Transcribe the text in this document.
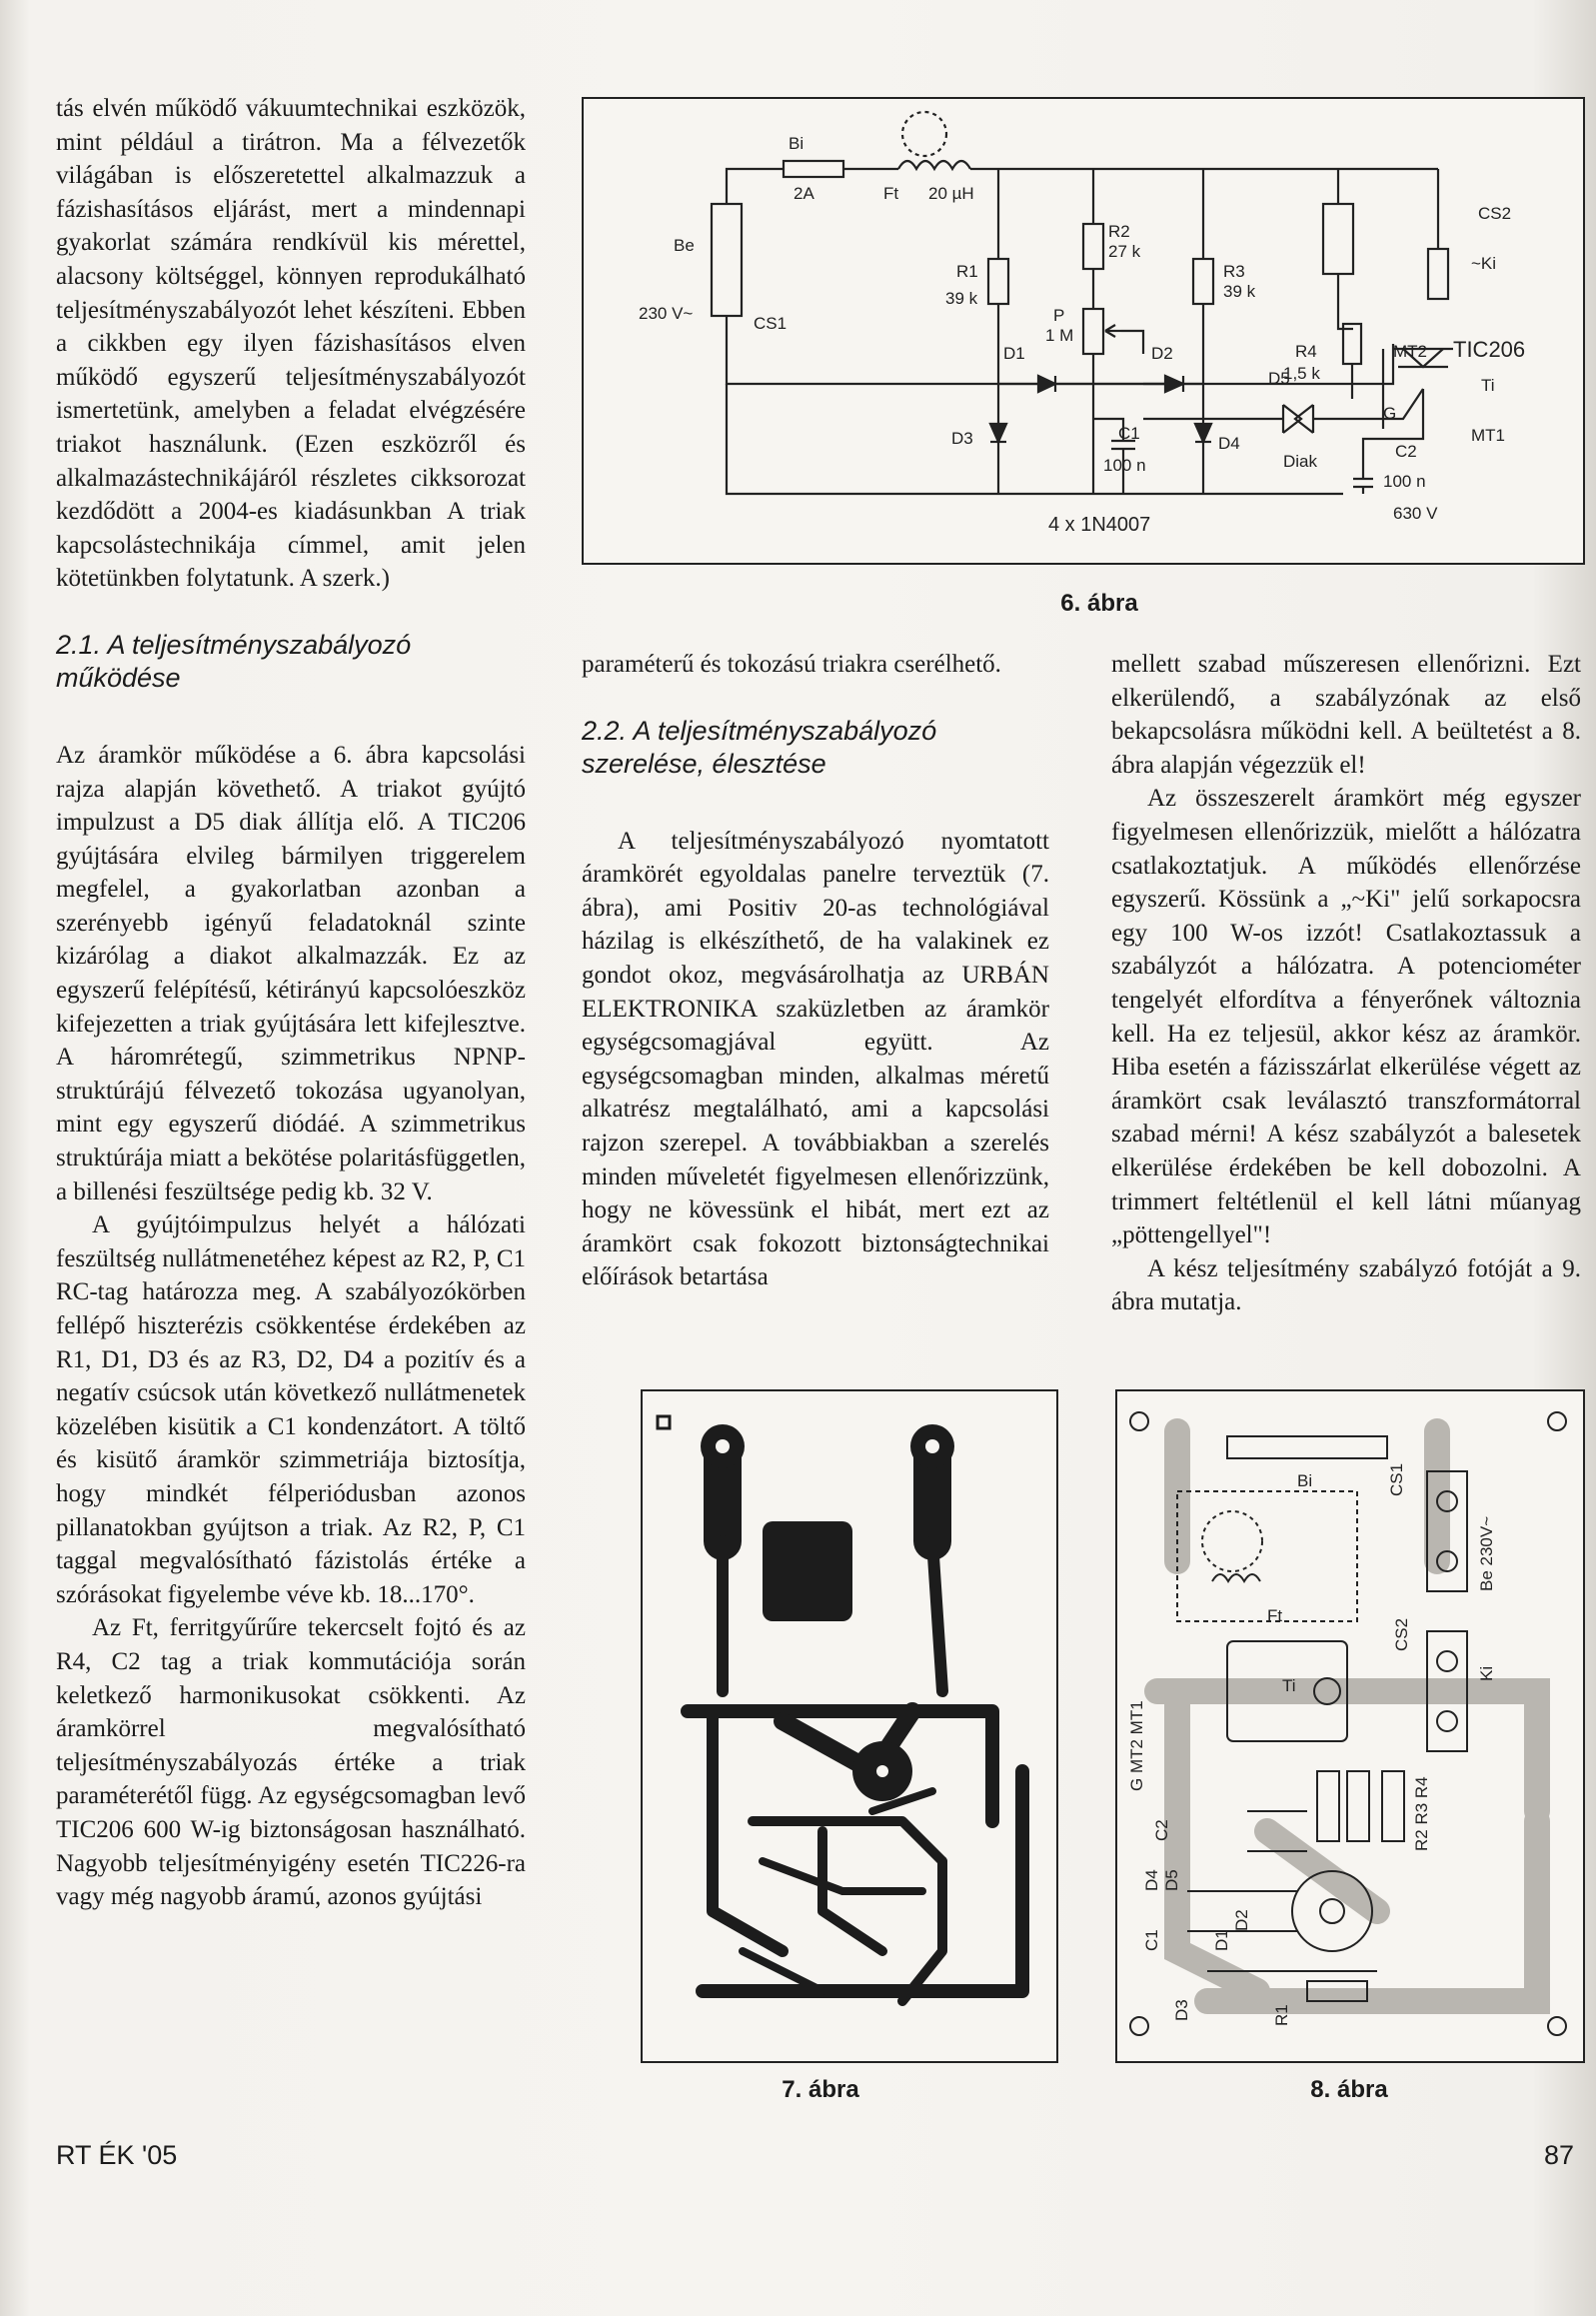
tás elvén működő vákuumtechnikai eszközök, mint például a tirátron. Ma a félvezetők világában is előszeretettel alkalmazzuk a fázishasításos eljárást, mert a mindennapi gyakorlat számára rendkívül kis mérettel, alacsony költséggel, könnyen reprodukálható teljesítményszabályozót lehet készíteni. Ebben a cikkben egy ilyen fázishasításos elven működő egyszerű teljesítményszabályozót ismertetünk, amelyben a feladat elvégzésére triakot használunk. (Ezen eszközről és alkalmazástechnikájáról részletes cikksorozat kezdődött a 2004-es kiadásunkban A triak kapcsolástechnikája címmel, amit jelen kötetünkben folytatunk. A szerk.)

2.1. A teljesítményszabályozó működése

Az áramkör működése a 6. ábra kapcsolási rajza alapján követhető. A triakot gyújtó impulzust a D5 diak állítja elő. A TIC206 gyújtására elvileg bármilyen triggerelem megfelel, a gyakorlatban azonban a szerényebb igényű feladatoknál szinte kizárólag a diakot alkalmazzák. Ez az egyszerű felépítésű, kétirányú kapcsolóeszköz kifejezetten a triak gyújtására lett kifejlesztve. A háromrétegű, szimmetrikus NPNP-struktúrájú félvezető tokozása ugyanolyan, mint egy egyszerű diódáé. A szimmetrikus struktúrája miatt a bekötése polaritásfüggetlen, a billenési feszültsége pedig kb. 32 V.

A gyújtóimpulzus helyét a hálózati feszültség nullátmenetéhez képest az R2, P, C1 RC-tag határozza meg. A szabályozókörben fellépő hiszterézis csökkentése érdekében az R1, D1, D3 és az R3, D2, D4 a pozitív és a negatív csúcsok után következő nullátmenetek közelében kisütik a C1 kondenzátort. A töltő és kisütő áramkör szimmetriája biztosítja, hogy mindkét félperiódusban azonos pillanatokban gyújtson a triak. Az R2, P, C1 taggal megvalósítható fázistolás értéke a szórásokat figyelembe véve kb. 18...170°.

Az Ft, ferritgyűrűre tekercselt fojtó és az R4, C2 tag a triak kommutációja során keletkező harmonikusokat csökkenti. Az áramkörrel megvalósítható teljesítményszabályozás értéke a triak paraméterétől függ. Az egységcsomagban levő TIC206 600 W-ig biztonságosan használható. Nagyobb teljesítményigény esetén TIC226-ra vagy még nagyobb áramú, azonos gyújtási

paraméterű és tokozású triakra cserélhető.

2.2. A teljesítményszabályozó szerelése, élesztése

A teljesítményszabályozó nyomtatott áramkörét egyoldalas panelre terveztük (7. ábra), ami Positiv 20-as technológiával házilag is elkészíthető, de ha valakinek ez gondot okoz, megvásárolhatja az URBÁN ELEKTRONIKA szaküzletben az áramkör egységcsomagjával együtt. Az egységcsomagban minden, alkalmas méretű alkatrész megtalálható, ami a kapcsolási rajzon szerepel. A továbbiakban a szerelés minden műveletét figyelmesen ellenőrizzünk, hogy ne kövessünk el hibát, mert ezt az áramkört csak fokozott biztonságtechnikai előírások betartása

mellett szabad műszeresen ellenőrizni. Ezt elkerülendő, a szabályzónak az első bekapcsolásra működni kell. A beültetést a 8. ábra alapján végezzük el!

Az összeszerelt áramkört még egyszer figyelmesen ellenőrizzük, mielőtt a hálózatra csatlakoztatjuk. A működés ellenőrzése egyszerű. Kössünk a „~Ki" jelű sorkapocsra egy 100 W-os izzót! Csatlakoztassuk a szabályzót a hálózatra. A potenciométer tengelyét elfordítva a fényerőnek változnia kell. Ha ez teljesül, akkor kész az áramkör. Hiba esetén a fázisszárlat elkerülése végett az áramkört csak leválasztó transzformátorral szabad mérni! A kész szabályzót a balesetek elkerülése érdekében be kell dobozolni. A trimmert feltétlenül el kell látni műanyag „pöttengellyel"!

A kész teljesítmény szabályzó fotóját a 9. ábra mutatja.

Bi
2A
Be
230 V~
CS1
Ft 20 µH
R1
39 k
R2
27 k
R3
39 k
P
1 M
D1	D2
D3	D4
D5
Diak
C1
100 n
R4
1,5 k
C2
100 n
630 V
CS2
~Ki
MT2 TIC206
Ti
G
MT1
4 x 1N4007
6. ábra
7. ábra
Bi	CS1
Be 230V~
Ft
CS2
Ki
Ti
G MT2 MT1
C2	R2 R3 R4
D4 D5
C1	D1
D2
D3	R1
8. ábra
RT ÉK '05	87
